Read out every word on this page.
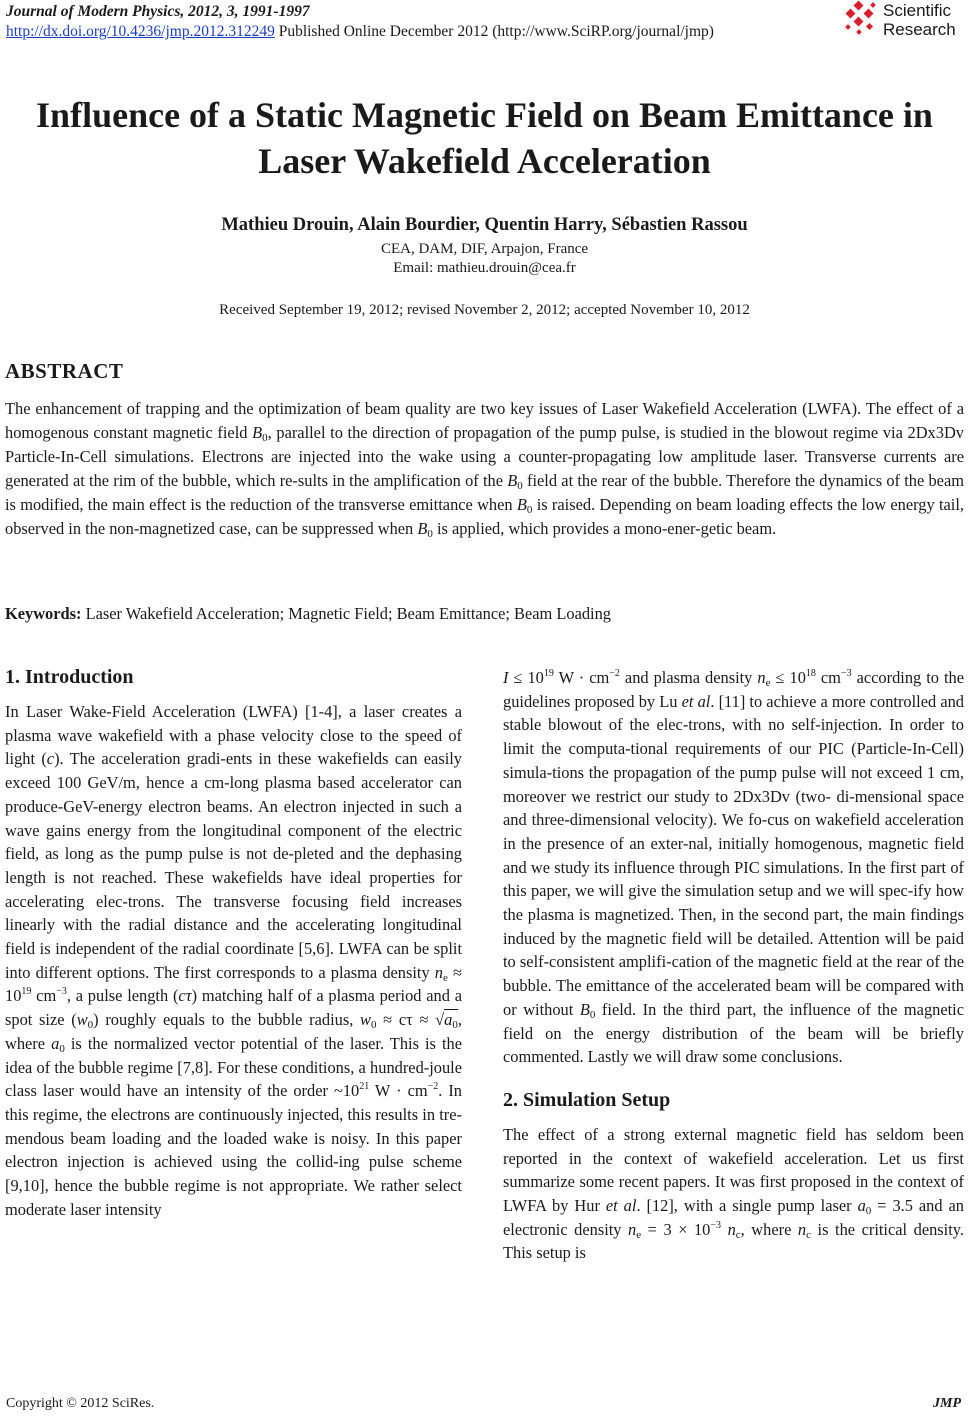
Journal of Modern Physics, 2012, 3, 1991-1997
http://dx.doi.org/10.4236/jmp.2012.312249 Published Online December 2012 (http://www.SciRP.org/journal/jmp)
Scientific
Research
Influence of a Static Magnetic Field on Beam Emittance in
Laser Wakefield Acceleration
Mathieu Drouin, Alain Bourdier, Quentin Harry, Sébastien Rassou
CEA, DAM, DIF, Arpajon, France
Email: mathieu.drouin@cea.fr
Received September 19, 2012; revised November 2, 2012; accepted November 10, 2012
ABSTRACT

The enhancement of trapping and the optimization of beam quality are two key issues of Laser Wakefield Acceleration (LWFA). The effect of a homogenous constant magnetic field $B_0$, parallel to the direction of propagation of the pump pulse, is studied in the blowout regime via 2Dx3Dv Particle-In-Cell simulations. Electrons are injected into the wake using a counter-propagating low amplitude laser. Transverse currents are generated at the rim of the bubble, which re-sults in the amplification of the $B_0$ field at the rear of the bubble. Therefore the dynamics of the beam is modified, the main effect is the reduction of the transverse emittance when $B_0$ is raised. Depending on beam loading effects the low energy tail, observed in the non-magnetized case, can be suppressed when $B_0$ is applied, which provides a mono-ener-getic beam.

Keywords: Laser Wakefield Acceleration; Magnetic Field; Beam Emittance; Beam Loading
1. Introduction

In Laser Wake-Field Acceleration (LWFA) [1-4], a laser creates a plasma wave wakefield with a phase velocity close to the speed of light (c). The acceleration gradi-ents in these wakefields can easily exceed 100 GeV/m, hence a cm-long plasma based accelerator can produce-GeV-energy electron beams. An electron injected in such a wave gains energy from the longitudinal component of the electric field, as long as the pump pulse is not de-pleted and the dephasing length is not reached. These wakefields have ideal properties for accelerating elec-trons. The transverse focusing field increases linearly with the radial distance and the accelerating longitudinal field is independent of the radial coordinate [5,6]. LWFA can be split into different options. The first corresponds to a plasma density $n_e \approx 10^{19}$ $cm^{-3}$, a pulse length (cτ) matching half of a plasma period and a spot size $(w_0)$ roughly equals to the bubble radius, $w_0 \approx c\tau \approx √a_0$, where $a_0$ is the normalized vector potential of the laser. This is the idea of the bubble regime [7,8]. For these conditions, a hundred-joule class laser would have an intensity of the order $\sim 10^{21}$ $W \cdot cm^{-2}$. In this regime, the electrons are continuously injected, this results in tre-mendous beam loading and the loaded wake is noisy. In this paper electron injection is achieved using the collid-ing pulse scheme [9,10], hence the bubble regime is not appropriate. We rather select moderate laser intensity

$I \le 10^{19}$ $W \cdot cm^{-2}$ and plasma density $n_e \le 10^{18}$ $cm^{-3}$ according to the guidelines proposed by Lu et al. [11] to achieve a more controlled and stable blowout of the elec-trons, with no self-injection. In order to limit the computa-tional requirements of our PIC (Particle-In-Cell) simula-tions the propagation of the pump pulse will not exceed 1 cm, moreover we restrict our study to 2Dx3Dv (two- di-mensional space and three-dimensional velocity). We fo-cus on wakefield acceleration in the presence of an exter-nal, initially homogenous, magnetic field and we study its influence through PIC simulations. In the first part of this paper, we will give the simulation setup and we will spec-ify how the plasma is magnetized. Then, in the second part, the main findings induced by the magnetic field will be detailed. Attention will be paid to self-consistent amplifi-cation of the magnetic field at the rear of the bubble. The emittance of the accelerated beam will be compared with or without $B_0$ field. In the third part, the influence of the magnetic field on the energy distribution of the beam will be briefly commented. Lastly we will draw some conclusions.

2. Simulation Setup

The effect of a strong external magnetic field has seldom been reported in the context of wakefield acceleration. Let us first summarize some recent papers. It was first proposed in the context of LWFA by Hur et al. [12], with a single pump laser $a_0 = 3.5$ and an electronic density $n_e = 3 \times 10^{-3}$ $n_c$, where $n_c$ is the critical density. This setup is

Copyright © 2012 SciRes.	JMP
